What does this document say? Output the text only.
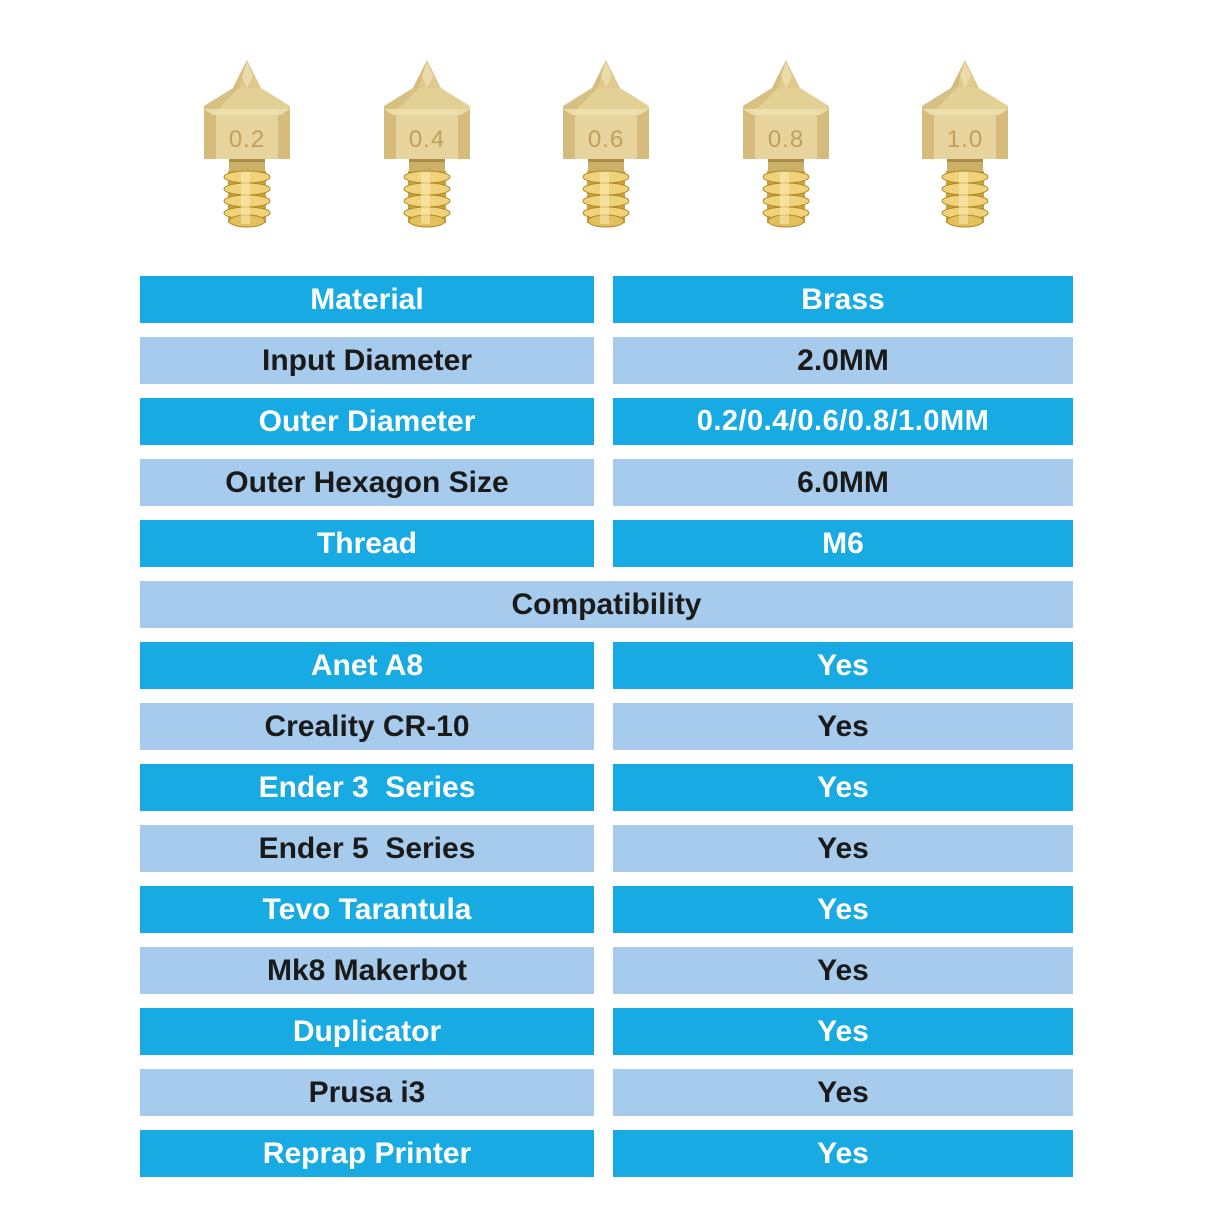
0.2	0.4	0.6	0.8	1.0
Material	Brass
Input Diameter	2.0MM
Outer Diameter	0.2/0.4/0.6/0.8/1.0MM
Outer Hexagon Size	6.0MM
Thread	M6
Compatibility
Anet A8	Yes
Creality CR-10	Yes
Ender 3  Series	Yes
Ender 5  Series	Yes
Tevo Tarantula	Yes
Mk8 Makerbot	Yes
Duplicator	Yes
Prusa i3	Yes
Reprap Printer	Yes
